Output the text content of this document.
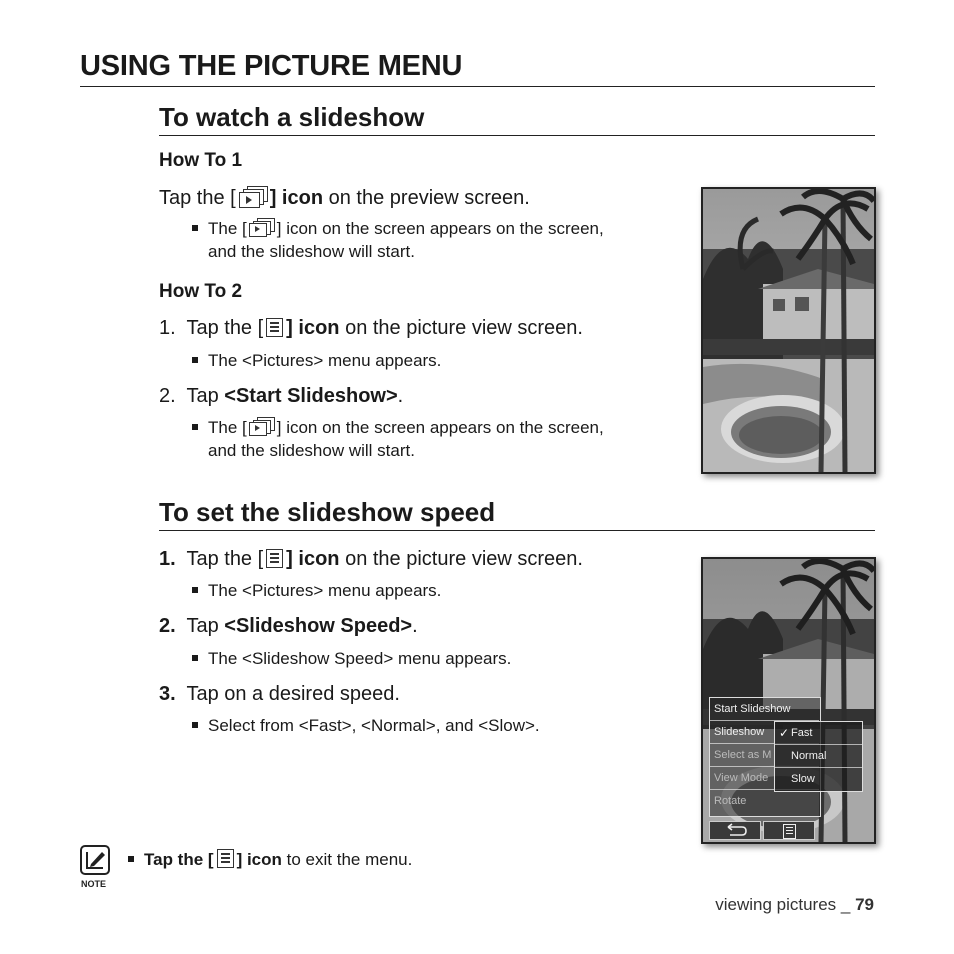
USING THE PICTURE MENU
To watch a slideshow
How To 1
Tap the [ ] icon on the preview screen.
The [ ] icon on the screen appears on the screen,
and the slideshow will start.
How To 2
1. Tap the [ ] icon on the picture view screen.
The <Pictures> menu appears.
2. Tap <Start Slideshow>.
The [ ] icon on the screen appears on the screen,
and the slideshow will start.

To set the slideshow speed
1. Tap the [ ] icon on the picture view screen.
The <Pictures> menu appears.
2. Tap <Slideshow Speed>.
The <Slideshow Speed> menu appears.
3. Tap on a desired speed.
Select from <Fast>, <Normal>, and <Slow>.
Start Slideshow
Slideshow
Select as M
View Mode
Rotate
✓ Fast
Normal
Slow
NOTE
Tap the [ ] icon to exit the menu.
viewing pictures _ 79
